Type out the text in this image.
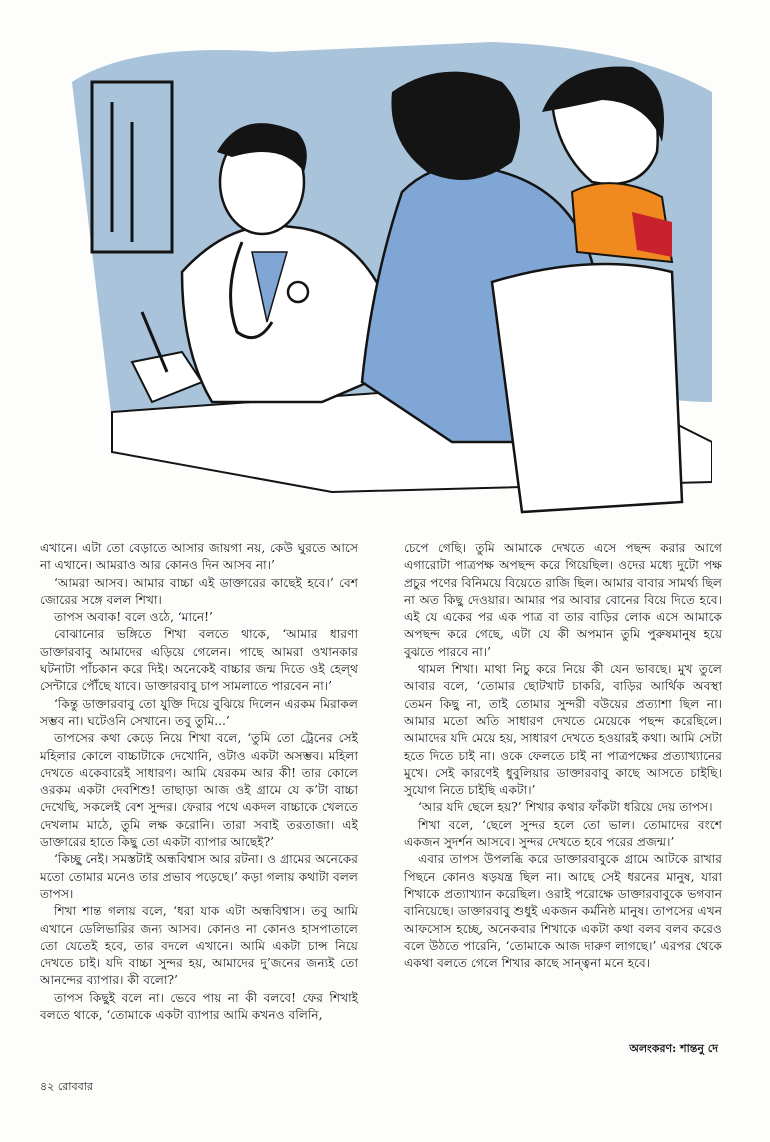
এখানে। এটা তো বেড়াতে আসার জায়গা নয়, কেউ ঘুরতে আসে না এখানে। আমরাও আর কোনও দিন আসব না।’

‘আমরা আসব। আমার বাচ্চা এই ডাক্তারের কাছেই হবে।’ বেশ জোরের সঙ্গে বলল শিখা।

তাপস অবাক! বলে ওঠে, ‘মানে!’

বোঝানোর ভঙ্গিতে শিখা বলতে থাকে, ‘আমার ধারণা ডাক্তারবাবু আমাদের এড়িয়ে গেলেন। পাছে আমরা ওখানকার ঘটনাটা পাঁচকান করে দিই। অনেকেই বাচ্চার জন্ম দিতে ওই হেল্‌থ সেন্টারে পৌঁছে যাবে। ডাক্তারবাবু চাপ সামলাতে পারবেন না।’

‘কিন্তু ডাক্তারবাবু তো যুক্তি দিয়ে বুঝিয়ে দিলেন এরকম মিরাকল সম্ভব না। ঘটেওনি সেখানে। তবু তুমি...’

তাপসের কথা কেড়ে নিয়ে শিখা বলে, ‘তুমি তো ট্রেনের সেই মহিলার কোলে বাচ্চাটাকে দেখোনি, ওটাও একটা অসম্ভব। মহিলা দেখতে একেবারেই সাধারণ। আমি যেরকম আর কী! তার কোলে ওরকম একটা দেবশিশু! তাছাড়া আজ ওই গ্রামে যে ক’টা বাচ্চা দেখেছি, সকলেই বেশ সুন্দর। ফেরার পথে একদল বাচ্চাকে খেলতে দেখলাম মাঠে, তুমি লক্ষ করোনি। তারা সবাই তরতাজা। এই ডাক্তারের হাতে কিছু তো একটা ব্যাপার আছেই?’

‘কিচ্ছু নেই। সমস্তটাই অন্ধবিশ্বাস আর রটনা। ও গ্রামের অনেকের মতো তোমার মনেও তার প্রভাব পড়েছে।’ কড়া গলায় কথাটা বলল তাপস।

শিখা শান্ত গলায় বলে, ‘ধরা যাক এটা অন্ধবিশ্বাস। তবু আমি এখানে ডেলিভারির জন্য আসব। কোনও না কোনও হাসপাতালে তো যেতেই হবে, তার বদলে এখানে। আমি একটা চান্স নিয়ে দেখতে চাই। যদি বাচ্চা সুন্দর হয়, আমাদের দু’জনের জন্যই তো আনন্দের ব্যাপার। কী বলো?’

তাপস কিছুই বলে না। ভেবে পায় না কী বলবে! ফের শিখাই বলতে থাকে, ‘তোমাকে একটা ব্যাপার আমি কখনও বলিনি,

চেপে গেছি। তুমি আমাকে দেখতে এসে পছন্দ করার আগে এগারোটা পাত্রপক্ষ অপছন্দ করে গিয়েছিল। ওদের মধ্যে দুটো পক্ষ প্রচুর পণের বিনিময়ে বিয়েতে রাজি ছিল। আমার বাবার সামর্থ্য ছিল না অত কিছু দেওয়ার। আমার পর আবার বোনের বিয়ে দিতে হবে। এই যে একের পর এক পাত্র বা তার বাড়ির লোক এসে আমাকে অপছন্দ করে গেছে, এটা যে কী অপমান তুমি পুরুষমানুষ হয়ে বুঝতে পারবে না।’

থামল শিখা। মাথা নিচু করে নিয়ে কী যেন ভাবছে। মুখ তুলে আবার বলে, ‘তোমার ছোটখাট চাকরি, বাড়ির আর্থিক অবস্থা তেমন কিছু না, তাই তোমার সুন্দরী বউয়ের প্রত্যাশা ছিল না। আমার মতো অতি সাধারণ দেখতে মেয়েকে পছন্দ করেছিলে। আমাদের যদি মেয়ে হয়, সাধারণ দেখতে হওয়ারই কথা। আমি সেটা হতে দিতে চাই না। ওকে ফেলতে চাই না পাত্রপক্ষের প্রত্যাখ্যানের মুখে। সেই কারণেই ধুবুলিয়ার ডাক্তারবাবু কাছে আসতে চাইছি। সুযোগ নিতে চাইছি একটা।’

‘আর যদি ছেলে হয়?’ শিখার কথার ফাঁকটা ধরিয়ে দেয় তাপস।

শিখা বলে, ‘ছেলে সুন্দর হলে তো ভাল। তোমাদের বংশে একজন সুদর্শন আসবে। সুন্দর দেখতে হবে পরের প্রজন্ম।’

এবার তাপস উপলব্ধি করে ডাক্তারবাবুকে গ্রামে আটকে রাখার পিছনে কোনও ষড়যন্ত্র ছিল না। আছে সেই ধরনের মানুষ, যারা শিখাকে প্রত্যাখ্যান করেছিল। ওরাই পরোক্ষে ডাক্তারবাবুকে ভগবান বানিয়েছে। ডাক্তারবাবু শুধুই একজন কর্মনিষ্ঠ মানুষ। তাপসের এখন আফসোস হচ্ছে, অনেকবার শিখাকে একটা কথা বলব বলব করেও বলে উঠতে পারেনি, ‘তোমাকে আজ দারুণ লাগছে।’ এরপর থেকে একথা বলতে গেলে শিখার কাছে সান্ত্বনা মনে হবে।

অলংকরণ: শান্তনু দে
৪২ রোববার
